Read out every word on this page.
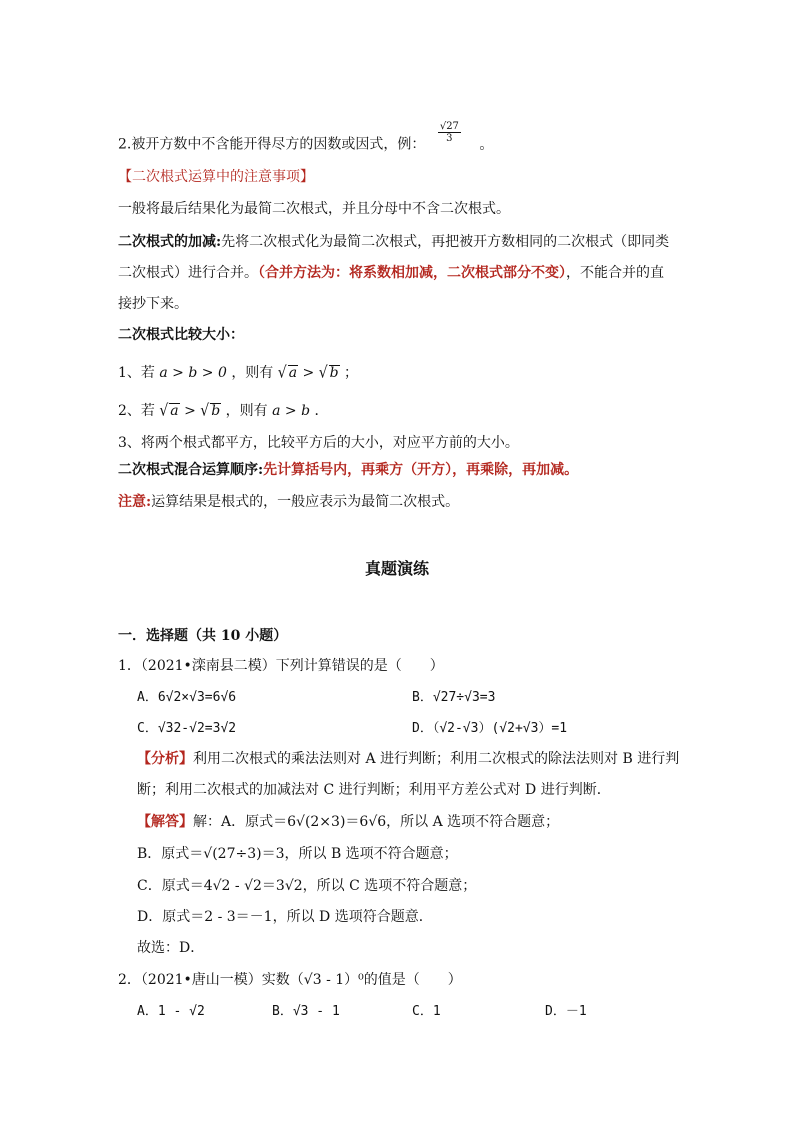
2.被开方数中不含能开得尽方的因数或因式，例：
$\frac{√27}{3}$
。
【二次根式运算中的注意事项】
一般将最后结果化为最简二次根式，并且分母中不含二次根式。
二次根式的加减:先将二次根式化为最简二次根式，再把被开方数相同的二次根式（即同类
二次根式）进行合并。（合并方法为：将系数相加减，二次根式部分不变），不能合并的直
接抄下来。
二次根式比较大小：
1、若 a > b > 0 ，则有 √ a > √ b ；
2、若 √ a > √ b ，则有 a > b ．
3、将两个根式都平方，比较平方后的大小，对应平方前的大小。
二次根式混合运算顺序:先计算括号内，再乘方（开方），再乘除，再加减。
注意:运算结果是根式的，一般应表示为最简二次根式。
真题演练
一．选择题（共 10 小题）
1．（2021•滦南县二模）下列计算错误的是（　　）
A．6√2×√3=6√6	B．√27÷√3=3
C．√32-√2=3√2	D．（√2-√3）(√2+√3）=1
【分析】利用二次根式的乘法法则对 A 进行判断；利用二次根式的除法法则对 B 进行判
断；利用二次根式的加减法对 C 进行判断；利用平方差公式对 D 进行判断．
【解答】解：A．原式＝6√(2×3)＝6√6，所以 A 选项不符合题意；
B．原式＝√(27÷3)＝3，所以 B 选项不符合题意；
C．原式＝4√2 - √2＝3√2，所以 C 选项不符合题意；
D．原式＝2 - 3＝－1，所以 D 选项符合题意．
故选：D．
2．（2021•唐山一模）实数（√3 - 1）⁰的值是（　　）
A．1 - √2	B．√3 - 1	C．1	D．－1
